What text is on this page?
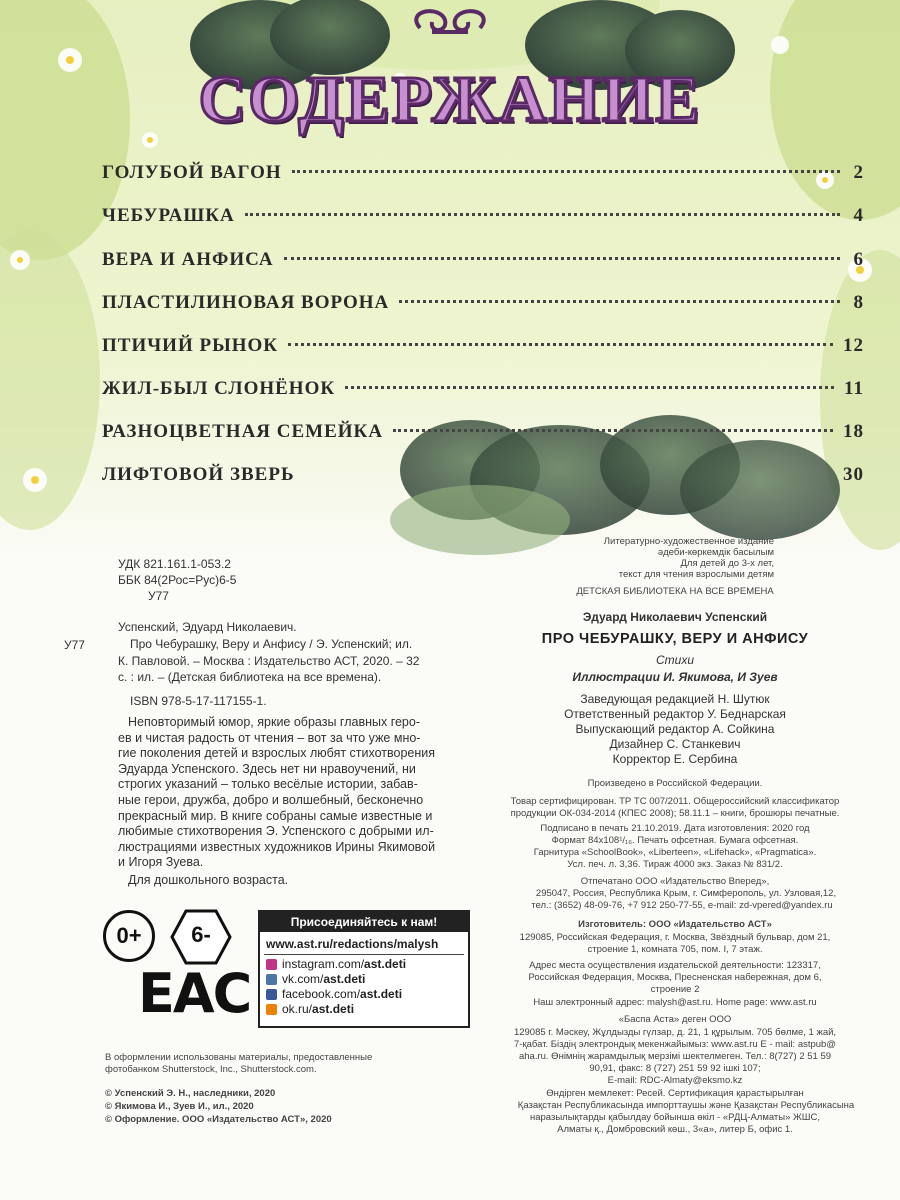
СОДЕРЖАНИЕ
ГОЛУБОЙ ВАГОН	2
ЧЕБУРАШКА	4
ВЕРА И АНФИСА	6
ПЛАСТИЛИНОВАЯ ВОРОНА	8
ПТИЧИЙ РЫНОК	12
ЖИЛ-БЫЛ СЛОНЁНОК	11
РАЗНОЦВЕТНАЯ СЕМЕЙКА	18
ЛИФТОВОЙ ЗВЕРЬ	30
УДК 821.161.1-053.2
ББК 84(2Рос=Рус)6-5
У77
У77
Успенский, Эдуард Николаевич.
Про Чебурашку, Веру и Анфису / Э. Успенский; ил.
К. Павловой. – Москва : Издательство АСТ, 2020. – 32
с. : ил. – (Детская библиотека на все времена).
ISBN 978-5-17-117155-1.
Неповторимый юмор, яркие образы главных геро-
ев и чистая радость от чтения – вот за что уже мно-
гие поколения детей и взрослых любят стихотворения
Эдуарда Успенского. Здесь нет ни нравоучений, ни
строгих указаний – только весёлые истории, забав-
ные герои, дружба, добро и волшебный, бесконечно
прекрасный мир. В книге собраны самые известные и
любимые стихотворения Э. Успенского с добрыми ил-
люстрациями известных художников Ирины Якимовой
и Игоря Зуева.
Для дошкольного возраста.
0+	6-
EAC
Присоединяйтесь к нам!
www.ast.ru/redactions/malysh
instagram.com/ast.deti
vk.com/ast.deti
facebook.com/ast.deti
ok.ru/ast.deti
В оформлении использованы материалы, предоставленные
фотобанком Shutterstock, Inc., Shutterstock.com.
© Успенский Э. Н., наследники, 2020
© Якимова И., Зуев И., ил., 2020
© Оформление. ООО «Издательство АСТ», 2020
Литературно-художественное издание
әдеби-көркемдік басылым
Для детей до 3-х лет,
текст для чтения взрослыми детям
ДЕТСКАЯ БИБЛИОТЕКА НА ВСЕ ВРЕМЕНА
Эдуард Николаевич Успенский
ПРО ЧЕБУРАШКУ, ВЕРУ И АНФИСУ
Стихи
Иллюстрации И. Якимова, И Зуев
Заведующая редакцией Н. Шутюк
Ответственный редактор У. Беднарская
Выпускающий редактор А. Сойкина
Дизайнер С. Станкевич
Корректор Е. Сербина
Произведено в Российской Федерации.
Товар сертифицирован. ТР ТС 007/2011. Общероссийский классификатор
продукции ОК-034-2014 (КПЕС 2008); 58.11.1 – книги, брошюры печатные.
Подписано в печать 21.10.2019. Дата изготовления: 2020 год
Формат 84х108¹/₁₆. Печать офсетная. Бумага офсетная.
Гарнитура «SchoolBook», «Liberteen», «Lifehack», «Pragmatica».
Усл. печ. л. 3,36. Тираж 4000 экз. Заказ № 831/2.
Отпечатано ООО «Издательство Вперед»,
295047, Россия, Республика Крым, г. Симферополь, ул. Узловая,12,
тел.: (3652) 48-09-76, +7 912 250-77-55, e-mail: zd-vpered@yandex.ru
Изготовитель: ООО «Издательство АСТ»
129085, Российская Федерация, г. Москва, Звёздный бульвар, дом 21,
строение 1, комната 705, пом. I, 7 этаж.
Адрес места осуществления издательской деятельности: 123317,
Российская Федерация, Москва, Пресненская набережная, дом 6,
строение 2
Наш электронный адрес: malysh@ast.ru. Home page: www.ast.ru
«Баспа Аста» деген ООО
129085 г. Мәскеу, Жұлдызды гүлзар, д. 21, 1 құрылым. 705 бөлме, 1 жай,
7-қабат. Біздің электрондық мекенжайымыз: www.ast.ru E - mail: astpub@
aha.ru. Өнімнің жарамдылық мерзімі шектелмеген. Тел.: 8(727) 2 51 59
90,91, факс: 8 (727) 251 59 92 ішкі 107;
E-mail: RDC-Almaty@eksmo.kz
Өндірген мемлекет: Ресей. Сертификация қарастырылған
Қазақстан Республикасында импорттаушы және Қазақстан Республикасына
наразылықтарды қабылдау бойынша өкіл - «РДЦ-Алматы» ЖШС,
Алматы қ., Домбровский көш., 3«а», литер Б, офис 1.
